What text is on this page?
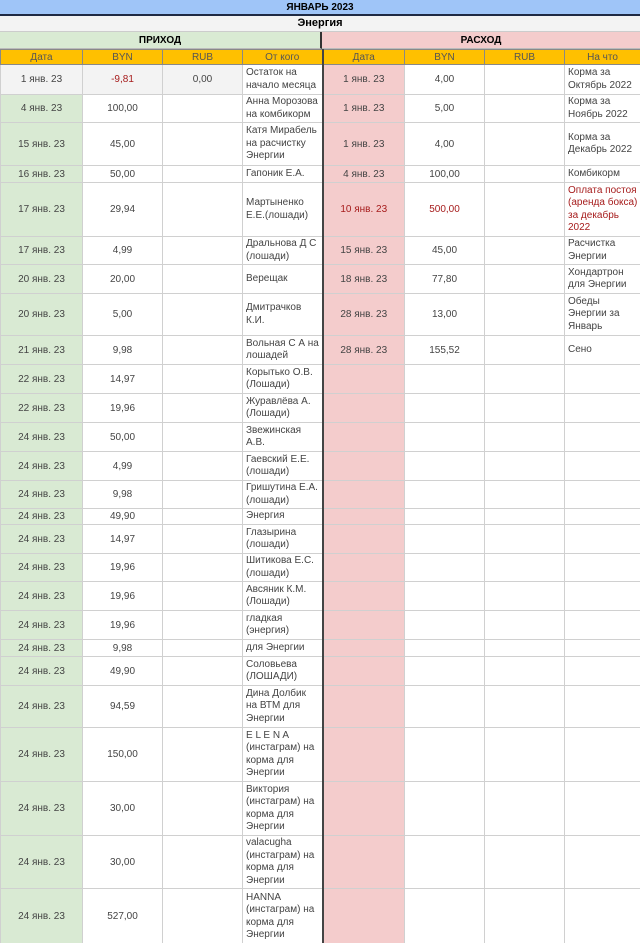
ЯНВАРЬ 2023
Энергия
ПРИХОД	РАСХОД
Дата	BYN	RUB	От кого	Дата	BYN	RUB	На что
1 янв. 23	-9,81	0,00	Остаток на начало месяца	1 янв. 23	4,00		Корма за Октябрь 2022
4 янв. 23	100,00		Анна Морозова на комбикорм	1 янв. 23	5,00		Корма за Ноябрь 2022
15 янв. 23	45,00		Катя Мирабель на расчистку Энергии	1 янв. 23	4,00		Корма за Декабрь 2022
16 янв. 23	50,00		Гапоник Е.А.	4 янв. 23	100,00		Комбикорм
17 янв. 23	29,94		Мартыненко Е.Е.(лошади)	10 янв. 23	500,00		Оплата постоя (аренда бокса) за декабрь 2022
17 янв. 23	4,99		Дральнова Д С (лошади)	15 янв. 23	45,00		Расчистка Энергии
20 янв. 23	20,00		Верещак	18 янв. 23	77,80		Хондартрон для Энергии
20 янв. 23	5,00		Дмитрачков К.И.	28 янв. 23	13,00		Обеды Энергии за Январь
21 янв. 23	9,98		Вольная С А на лошадей	28 янв. 23	155,52		Сено
22 янв. 23	14,97		Корытько О.В. (Лошади)				
22 янв. 23	19,96		Журавлёва А. (Лошади)				
24 янв. 23	50,00		Звежинская А.В.				
24 янв. 23	4,99		Гаевский Е.Е. (лошади)				
24 янв. 23	9,98		Гришутина Е.А. (лошади)				
24 янв. 23	49,90		Энергия				
24 янв. 23	14,97		Глазырина (лошади)				
24 янв. 23	19,96		Шитикова Е.С. (лошади)				
24 янв. 23	19,96		Авсяник К.М. (Лошади)				
24 янв. 23	19,96		гладкая (энергия)				
24 янв. 23	9,98		для Энергии				
24 янв. 23	49,90		Соловьева (ЛОШАДИ)				
24 янв. 23	94,59		Дина Долбик на ВТМ для Энергии				
24 янв. 23	150,00		E L E N A (инстаграм) на корма для Энергии				
24 янв. 23	30,00		Виктория (инстаграм) на корма для Энергии				
24 янв. 23	30,00		valacugha (инстаграм) на корма для Энергии				
24 янв. 23	527,00		HANNA (инстаграм) на корма для Энергии				
